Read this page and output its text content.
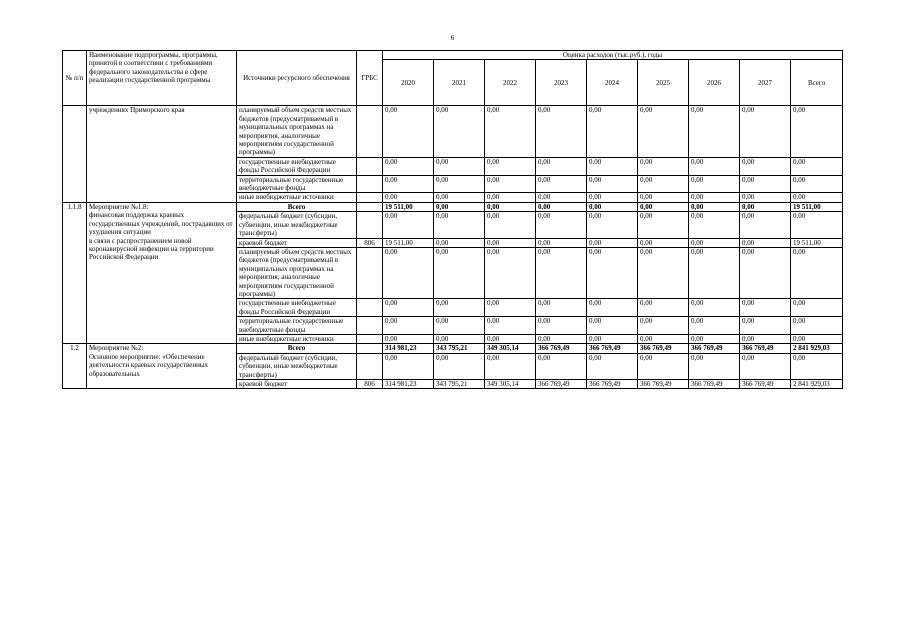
6
№ п/п	Наименование подпрограммы, программы, принятой в соответствии с требованиями федерального законодательства в сфере реализации государственной программы	Источники ресурсного обеспечения	ГРБС	Оценка расходов (тыс.руб.), годы								
				2020	2021	2022	2023	2024	2025	2026	2027	Всего
	учреждениях Приморского края	планируемый объем средств местных бюджетов (предусматриваемый в муниципальных программах на мероприятия, аналогичные мероприятиям государственной программы)		0,00	0,00	0,00	0,00	0,00	0,00	0,00	0,00	0,00
		государственные внебюджетные фонды Российской Федерации		0,00	0,00	0,00	0,00	0,00	0,00	0,00	0,00	0,00
		территориальные государственные внебюджетные фонды		0,00	0,00	0,00	0,00	0,00	0,00	0,00	0,00	0,00
		иные внебюджетные источники		0,00	0,00	0,00	0,00	0,00	0,00	0,00	0,00	0,00
1.1.8	Мероприятие №1.8:
финансовая поддержка краевых государственных учреждений, пострадавших от
ухудшения ситуации
в связи с распространением новой коронавирусной инфекции на территории Российской Федерации	Всего		19 511,00	0,00	0,00	0,00	0,00	0,00	0,00	0,00	19 511,00
		федеральный бюджет (субсидии, субвенции, иные межбюджетные трансферты)		0,00	0,00	0,00	0,00	0,00	0,00	0,00	0,00	0,00
		краевой бюджет	806	19 511,00	0,00	0,00	0,00	0,00	0,00	0,00	0,00	19 511,00
		планируемый объем средств местных бюджетов (предусматриваемый в муниципальных программах на мероприятия, аналогичные мероприятиям государственной программы)		0,00	0,00	0,00	0,00	0,00	0,00	0,00	0,00	0,00
		государственные внебюджетные фонды Российской Федерации		0,00	0,00	0,00	0,00	0,00	0,00	0,00	0,00	0,00
		территориальные государственные внебюджетные фонды		0,00	0,00	0,00	0,00	0,00	0,00	0,00	0,00	0,00
		иные внебюджетные источники		0,00	0,00	0,00	0,00	0,00	0,00	0,00	0,00	0,00
1.2	Мероприятие №2:
Основное мероприятие: «Обеспечение деятельности краевых государственных
образовательных	Всего		314 981,23	343 795,21	349 305,14	366 769,49	366 769,49	366 769,49	366 769,49	366 769,49	2 841 929,03
		федеральный бюджет (субсидии, субвенции, иные межбюджетные трансферты)		0,00	0,00	0,00	0,00	0,00	0,00	0,00	0,00	0,00
		краевой бюджет	806	314 981,23	343 795,21	349 305,14	366 769,49	366 769,49	366 769,49	366 769,49	366 769,49	2 841 929,03
